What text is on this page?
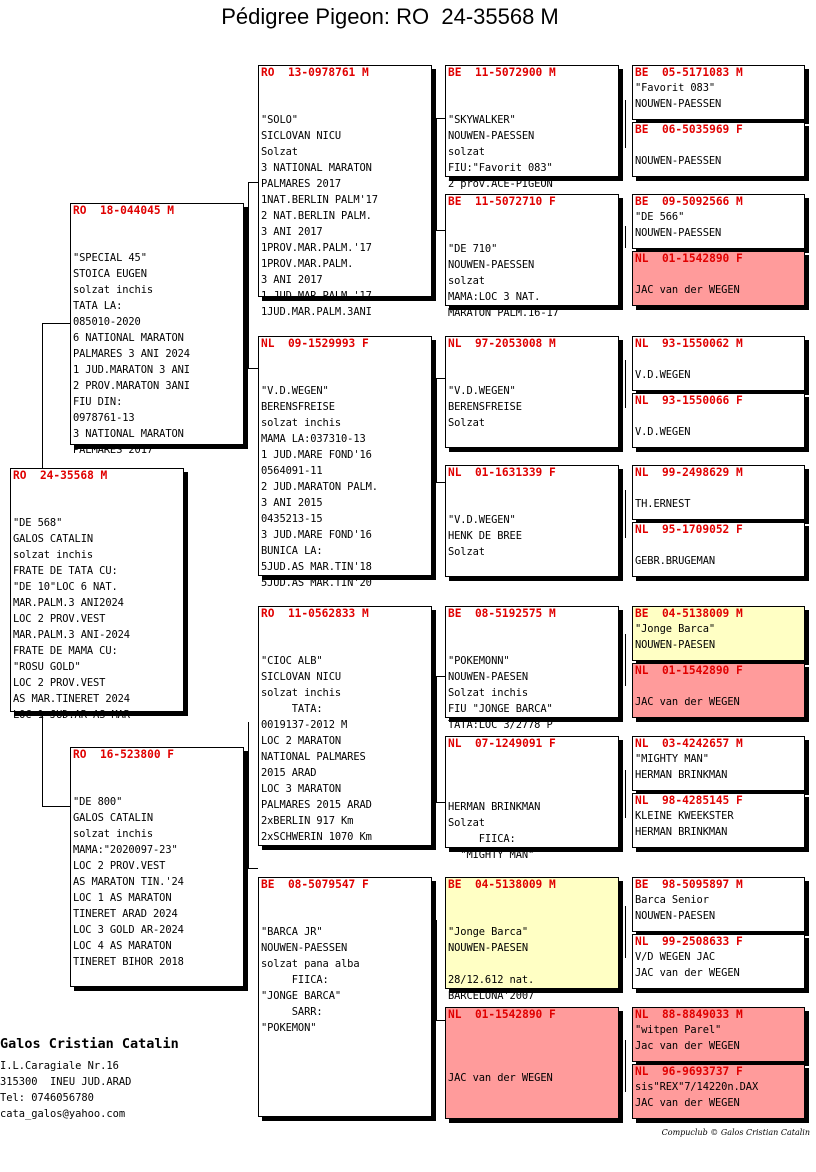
Pédigree Pigeon: RO  24-35568 M
RO  24-35568 M

"DE 568"
GALOS CATALIN
solzat inchis
FRATE DE TATA CU:
"DE 10"LOC 6 NAT.
MAR.PALM.3 ANI2024
LOC 2 PROV.VEST
MAR.PALM.3 ANI-2024
FRATE DE MAMA CU:
"ROSU GOLD"
LOC 2 PROV.VEST
AS MAR.TINERET 2024
LOC 1 JUD.AR AS MAR

RO  18-044045 M

"SPECIAL 45"
STOICA EUGEN
solzat inchis
TATA LA:
085010-2020
6 NATIONAL MARATON
PALMARES 3 ANI 2024
1 JUD.MARATON 3 ANI
2 PROV.MARATON 3ANI
FIU DIN:
0978761-13
3 NATIONAL MARATON
PALMARES 2017

RO  16-523800 F

"DE 800"
GALOS CATALIN
solzat inchis
MAMA:"2020097-23"
LOC 2 PROV.VEST
AS MARATON TIN.'24
LOC 1 AS MARATON
TINERET ARAD 2024
LOC 3 GOLD AR-2024
LOC 4 AS MARATON
TINERET BIHOR 2018

RO  13-0978761 M

"SOLO"
SICLOVAN NICU
Solzat
3 NATIONAL MARATON
PALMARES 2017
1NAT.BERLIN PALM'17
2 NAT.BERLIN PALM.
3 ANI 2017
1PROV.MAR.PALM.'17
1PROV.MAR.PALM.
3 ANI 2017
1 JUD.MAR.PALM.'17
1JUD.MAR.PALM.3ANI

NL  09-1529993 F

"V.D.WEGEN"
BERENSFREISE
solzat inchis
MAMA LA:037310-13
1 JUD.MARE FOND'16
0564091-11
2 JUD.MARATON PALM.
3 ANI 2015
0435213-15
3 JUD.MARE FOND'16
BUNICA LA:
5JUD.AS MAR.TIN'18
5JUD.AS MAR.TIN'20

RO  11-0562833 M

"CIOC ALB"
SICLOVAN NICU
solzat inchis
TATA:
0019137-2012 M
LOC 2 MARATON
NATIONAL PALMARES
2015 ARAD
LOC 3 MARATON
PALMARES 2015 ARAD
2xBERLIN 917 Km
2xSCHWERIN 1070 Km

BE  08-5079547 F

"BARCA JR"
NOUWEN-PAESSEN
solzat pana alba
FIICA:
"JONGE BARCA"
SARR:
"POKEMON"

BE  11-5072900 M

"SKYWALKER"
NOUWEN-PAESSEN
solzat
FIU:"Favorit 083"
2 prov.ACE-PIGEON

BE  11-5072710 F

"DE 710"
NOUWEN-PAESSEN
solzat
MAMA:LOC 3 NAT.
MARATON PALM.16-17

NL  97-2053008 M

"V.D.WEGEN"
BERENSFREISE
Solzat

NL  01-1631339 F

"V.D.WEGEN"
HENK DE BREE
Solzat

BE  08-5192575 M

"POKEMONN"
NOUWEN-PAESEN
Solzat inchis
FIU "JONGE BARCA"
TATA:LOC 3/2778 P

NL  07-1249091 F

HERMAN BRINKMAN
Solzat
FIICA:
"MIGHTY MAN"

BE  04-5138009 M

"Jonge Barca"
NOUWEN-PAESEN

28/12.612 nat.
BARCELONA'2007

NL  01-1542890 F

JAC van der WEGEN

BE  05-5171083 M
"Favorit 083"
NOUWEN-PAESSEN
BE  06-5035969 F

NOUWEN-PAESSEN
BE  09-5092566 M
"DE 566"
NOUWEN-PAESSEN
NL  01-1542890 F

JAC van der WEGEN
NL  93-1550062 M

V.D.WEGEN
NL  93-1550066 F

V.D.WEGEN
NL  99-2498629 M

TH.ERNEST
NL  95-1709052 F

GEBR.BRUGEMAN
BE  04-5138009 M
"Jonge Barca"
NOUWEN-PAESEN
NL  01-1542890 F

JAC van der WEGEN
NL  03-4242657 M
"MIGHTY MAN"
HERMAN BRINKMAN
NL  98-4285145 F
KLEINE KWEEKSTER
HERMAN BRINKMAN
BE  98-5095897 M
Barca Senior
NOUWEN-PAESEN
NL  99-2508633 F
V/D WEGEN JAC
JAC van der WEGEN
NL  88-8849033 M
"witpen Parel"
Jac van der WEGEN
NL  96-9693737 F
sis"REX"7/14220n.DAX
JAC van der WEGEN
Galos Cristian Catalin
I.L.Caragiale Nr.16
315300  INEU JUD.ARAD
Tel: 0746056780
cata_galos@yahoo.com
Compuclub © Galos Cristian Catalin
